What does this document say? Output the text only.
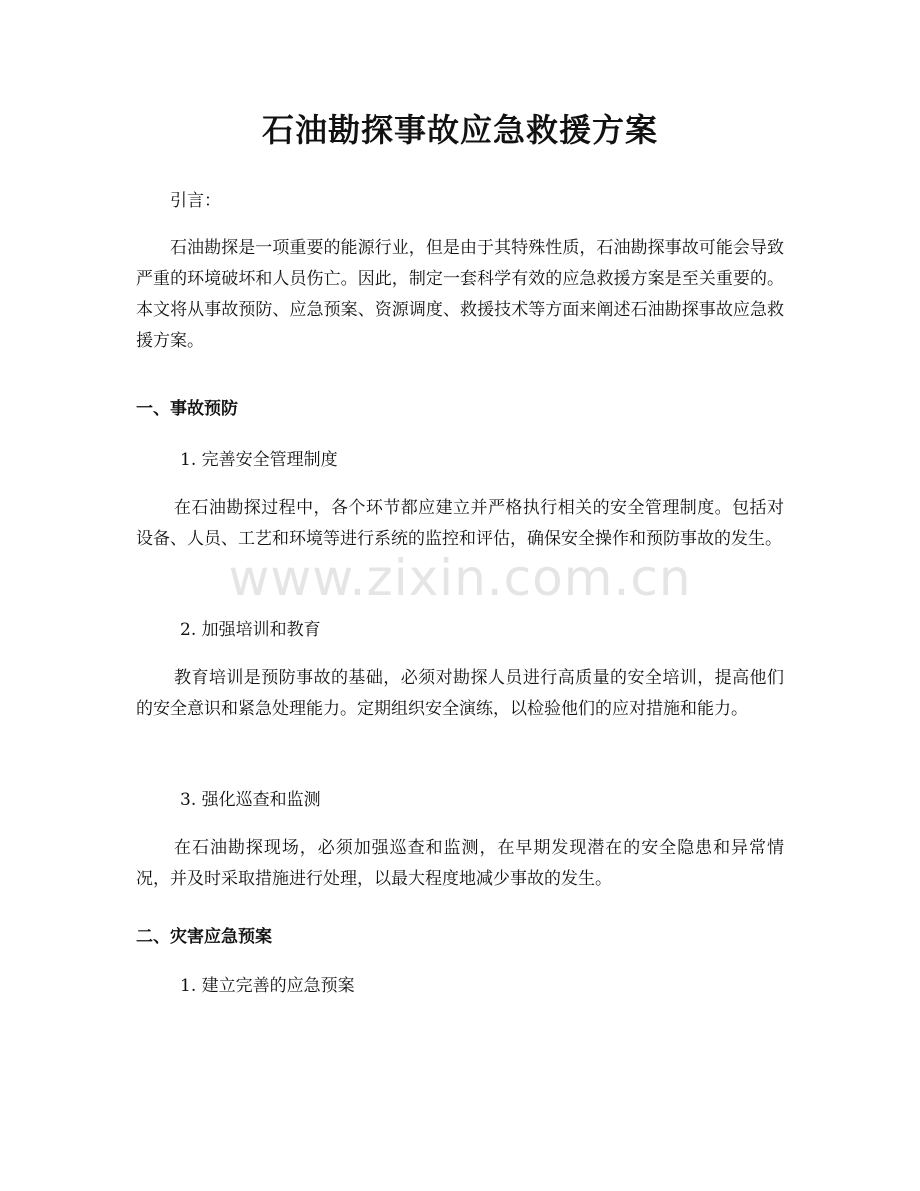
石油勘探事故应急救援方案

引言：

石油勘探是一项重要的能源行业，但是由于其特殊性质，石油勘探事故可能会导致严重的环境破坏和人员伤亡。因此，制定一套科学有效的应急救援方案是至关重要的。本文将从事故预防、应急预案、资源调度、救援技术等方面来阐述石油勘探事故应急救援方案。

一、事故预防

1. 完善安全管理制度

在石油勘探过程中，各个环节都应建立并严格执行相关的安全管理制度。包括对设备、人员、工艺和环境等进行系统的监控和评估，确保安全操作和预防事故的发生。

2. 加强培训和教育

教育培训是预防事故的基础，必须对勘探人员进行高质量的安全培训，提高他们的安全意识和紧急处理能力。定期组织安全演练，以检验他们的应对措施和能力。

3. 强化巡查和监测

在石油勘探现场，必须加强巡查和监测，在早期发现潜在的安全隐患和异常情况，并及时采取措施进行处理，以最大程度地减少事故的发生。

二、灾害应急预案

1. 建立完善的应急预案

www.zixin.com.cn
